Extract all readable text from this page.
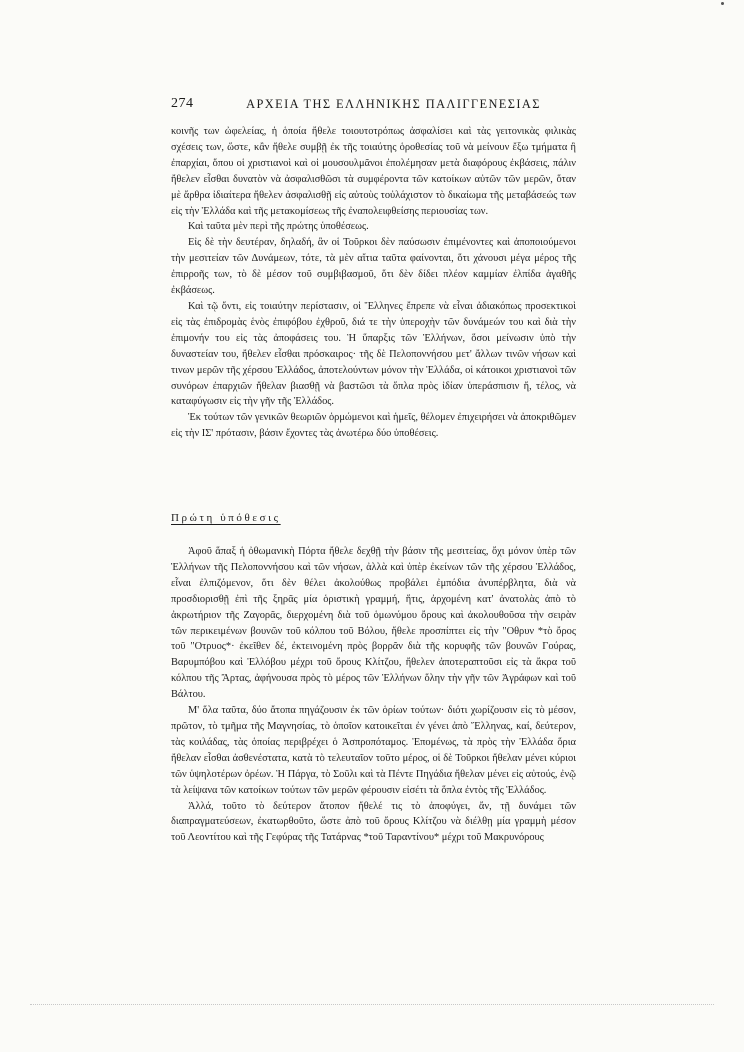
274	ΑΡΧΕΙΑ ΤΗΣ ΕΛΛΗΝΙΚΗΣ ΠΑΛΙΓΓΕΝΕΣΙΑΣ

κοινῆς των ὠφελείας, ἡ ὁποία ἤθελε τοιουτοτρόπως ἀσφαλίσει καὶ τὰς γειτονικὰς φιλικὰς σχέσεις των, ὥστε, κἂν ἤθελε συμβῇ ἐκ τῆς τοιαύτης ὁροθεσίας τοῦ νὰ μείνουν ἔξω τμήματα ἢ ἐπαρχίαι, ὅπου οἱ χριστιανοὶ καὶ οἱ μουσουλμᾶνοι ἐπολέμησαν μετὰ διαφόρους ἐκβάσεις, πάλιν ἤθελεν εἶσθαι δυνατὸν νὰ ἀσφαλισθῶσι τὰ συμφέροντα τῶν κατοίκων αὐτῶν τῶν μερῶν, ὅταν μὲ ἄρθρα ἰδιαίτερα ἤθελεν ἀσφαλισθῇ εἰς αὐτοὺς τοὐλάχιστον τὸ δικαίωμα τῆς μεταβάσεώς των εἰς τὴν Ἑλλάδα καὶ τῆς μετακομίσεως τῆς ἐναπολειφθείσης περιουσίας των.

Καὶ ταῦτα μὲν περὶ τῆς πρώτης ὑποθέσεως.

Εἰς δὲ τὴν δευτέραν, δηλαδή, ἂν οἱ Τοῦρκοι δὲν παύσωσιν ἐπιμένοντες καὶ ἀποποιούμενοι τὴν μεσιτείαν τῶν Δυνάμεων, τότε, τὰ μὲν αἴτια ταῦτα φαίνονται, ὅτι χάνουσι μέγα μέρος τῆς ἐπιρροῆς των, τὸ δὲ μέσον τοῦ συμβιβασμοῦ, ὅτι δὲν δίδει πλέον καμμίαν ἐλπίδα ἀγαθῆς ἐκβάσεως.

Καὶ τῷ ὄντι, εἰς τοιαύτην περίστασιν, οἱ Ἕλληνες ἔπρεπε νὰ εἶναι ἀδιακόπως προσεκτικοὶ εἰς τὰς ἐπιδρομὰς ἑνὸς ἐπιφόβου ἐχθροῦ, διά τε τὴν ὑπεροχὴν τῶν δυνάμεών του καὶ διὰ τὴν ἐπιμονήν του εἰς τὰς ἀποφάσεις του. Ἡ ὕπαρξις τῶν Ἑλλήνων, ὅσοι μείνωσιν ὑπὸ τὴν δυναστείαν του, ἤθελεν εἶσθαι πρόσκαιρος· τῆς δὲ Πελοποννήσου μετ' ἄλλων τινῶν νήσων καὶ τινων μερῶν τῆς χέρσου Ἑλλάδος, ἀποτελούντων μόνον τὴν Ἑλλάδα, οἱ κάτοικοι χριστιανοὶ τῶν συνόρων ἐπαρχιῶν ἤθελαν βιασθῇ νὰ βαστῶσι τὰ ὅπλα πρὸς ἰδίαν ὑπεράσπισιν ἤ, τέλος, νὰ καταφύγωσιν εἰς τὴν γῆν τῆς Ἑλλάδος.

Ἐκ τούτων τῶν γενικῶν θεωριῶν ὁρμώμενοι καὶ ἡμεῖς, θέλομεν ἐπιχειρήσει νὰ ἀποκριθῶμεν εἰς τὴν ΙΣ' πρότασιν, βάσιν ἔχοντες τὰς ἀνωτέρω δύο ὑποθέσεις.

Πρώτη ὑπόθεσις

Ἀφοῦ ἅπαξ ἡ ὀθωμανικὴ Πόρτα ἤθελε δεχθῇ τὴν βάσιν τῆς μεσιτείας, ὄχι μόνον ὑπὲρ τῶν Ἑλλήνων τῆς Πελοποννήσου καὶ τῶν νήσων, ἀλλὰ καὶ ὑπὲρ ἐκείνων τῶν τῆς χέρσου Ἑλλάδος, εἶναι ἐλπιζόμενον, ὅτι δὲν θέλει ἀκολούθως προβάλει ἐμπόδια ἀνυπέρβλητα, διὰ νὰ προσδιορισθῇ ἐπὶ τῆς ξηρᾶς μία ὁριστικὴ γραμμή, ἥτις, ἀρχομένη κατ' ἀνατολὰς ἀπὸ τὸ ἀκρωτήριον τῆς Ζαγορᾶς, διερχομένη διὰ τοῦ ὁμωνύμου ὄρους καὶ ἀκολουθοῦσα τὴν σειρὰν τῶν περικειμένων βουνῶν τοῦ κόλπου τοῦ Βόλου, ἤθελε προσπίπτει εἰς τὴν "Οθρυν *τὸ ὄρος τοῦ "Οτρυος*· ἐκεῖθεν δέ, ἐκτεινομένη πρὸς βορρᾶν διὰ τῆς κορυφῆς τῶν βουνῶν Γούρας, Βαρυμπόβου καὶ Ἑλλόβου μέχρι τοῦ ὄρους Κλίτζου, ἤθελεν ἀποτεραπτοῦσι εἰς τὰ ἄκρα τοῦ κόλπου τῆς Ἄρτας, ἀφήνουσα πρὸς τὸ μέρος τῶν Ἑλλήνων ὅλην τὴν γῆν τῶν Ἀγράφων καὶ τοῦ Βάλτου.

Μ' ὅλα ταῦτα, δύο ἄτοπα πηγάζουσιν ἐκ τῶν ὁρίων τούτων· διότι χωρίζουσιν εἰς τὸ μέσον, πρῶτον, τὸ τμῆμα τῆς Μαγνησίας, τὸ ὁποῖον κατοικεῖται ἐν γένει ἀπὸ Ἕλληνας, καί, δεύτερον, τὰς κοιλάδας, τὰς ὁποίας περιβρέχει ὁ Ἀσπροπόταμος. Ἑπομένως, τὰ πρὸς τὴν Ἑλλάδα ὅρια ἤθελαν εἶσθαι ἀσθενέστατα, κατὰ τὸ τελευταῖον τοῦτο μέρος, οἱ δὲ Τοῦρκοι ἤθελαν μένει κύριοι τῶν ὑψηλοτέρων ὀρέων. Ἡ Πάργα, τὸ Σοῦλι καὶ τὰ Πέντε Πηγάδια ἤθελαν μένει εἰς αὐτούς, ἐνῷ τὰ λείψανα τῶν κατοίκων τούτων τῶν μερῶν φέρουσιν εἰσέτι τὰ ὅπλα ἐντὸς τῆς Ἑλλάδος.

Ἀλλά, τοῦτο τὸ δεύτερον ἄτοπον ἤθελέ τις τὸ ἀποφύγει, ἄν, τῇ δυνάμει τῶν διαπραγματεύσεων, ἐκατωρθοῦτο, ὥστε ἀπὸ τοῦ ὄρους Κλίτζου νὰ διέλθῃ μία γραμμὴ μέσον τοῦ Λεοντίτου καὶ τῆς Γεφύρας τῆς Τατάρνας *τοῦ Ταραντίνου* μέχρι τοῦ Μακρυνόρους
